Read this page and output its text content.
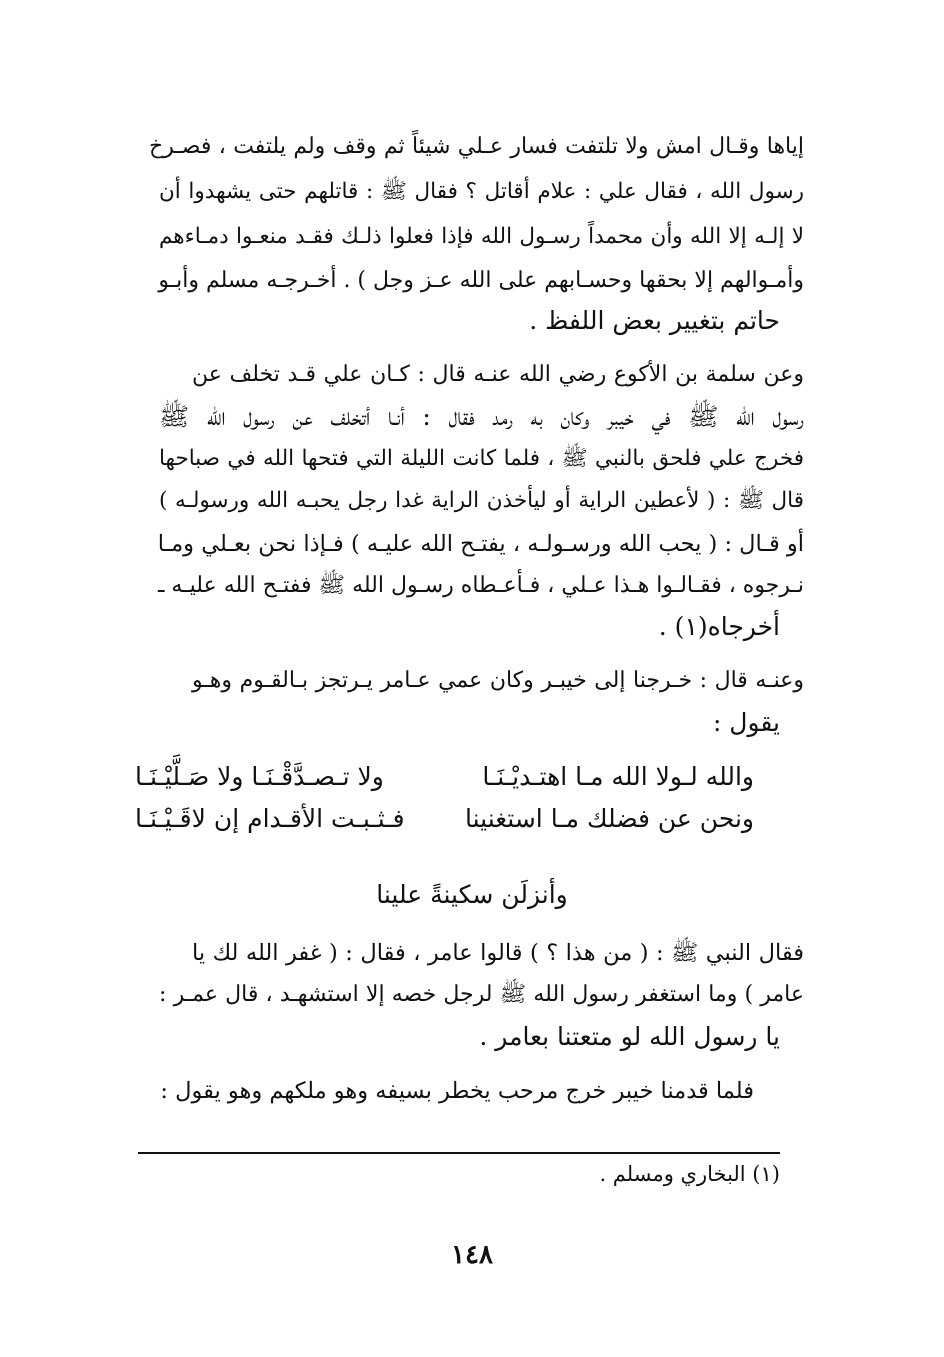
إياها وقـال امش ولا تلتفت فسار عـلي شيئاً ثم وقف ولم يلتفت ، فصـرخ
رسول الله ، فقال علي : علام أقاتل ؟ فقال ﷺ : قاتلهم حتى يشهدوا أن
لا إلـه إلا الله وأن محمداً رسـول الله فإذا فعلوا ذلـك فقـد منعـوا دمـاءهم
وأمـوالهم إلا بحقها وحسـابهم على الله عـز وجل ) . أخـرجـه مسلم وأبـو
حاتم بتغيير بعض اللفظ .
وعن سلمة بن الأكوع رضي الله عنـه قال : كـان علي قـد تخلف عن
رسول الله ﷺ في خيبر وكان به رمد فقال : أنـا أتخلف عن رسول الله ﷺ
فخرج علي فلحق بالنبي ﷺ ، فلما كانت الليلة التي فتحها الله في صباحها
قال ﷺ : ( لأعطين الراية أو ليأخذن الراية غدا رجل يحبـه الله ورسولـه )
أو قـال : ( يحب الله ورسـولـه ، يفتـح الله عليـه ) فـإذا نحن بعـلي ومـا
نـرجوه ، فقـالـوا هـذا عـلي ، فـأعـطاه رسـول الله ﷺ ففتـح الله عليـه ـ
أخرجاه(١) .
وعنـه قال : خـرجنا إلى خيبـر وكان عمي عـامر يـرتجز بـالقـوم وهـو
يقول :
والله لـولا الله مـا اهتـديْـنَـا
ولا تـصـدَّقْـنَـا ولا صَـلَّيْـنَـا
ونحن عن فضلك مـا استغنينا
فـثـبـت الأقـدام إن لاقَـيْـنَـا
وأنزلَن سكينةً علينا
فقال النبي ﷺ : ( من هذا ؟ ) قالوا عامر ، فقال : ( غفر الله لك يا
عامر ) وما استغفر رسول الله ﷺ لرجل خصه إلا استشهـد ، قال عمـر :
يا رسول الله لو متعتنا بعامر .
فلما قدمنا خيبر خرج مرحب يخطر بسيفه وهو ملكهم وهو يقول :
(١) البخاري ومسلم .
١٤٨
